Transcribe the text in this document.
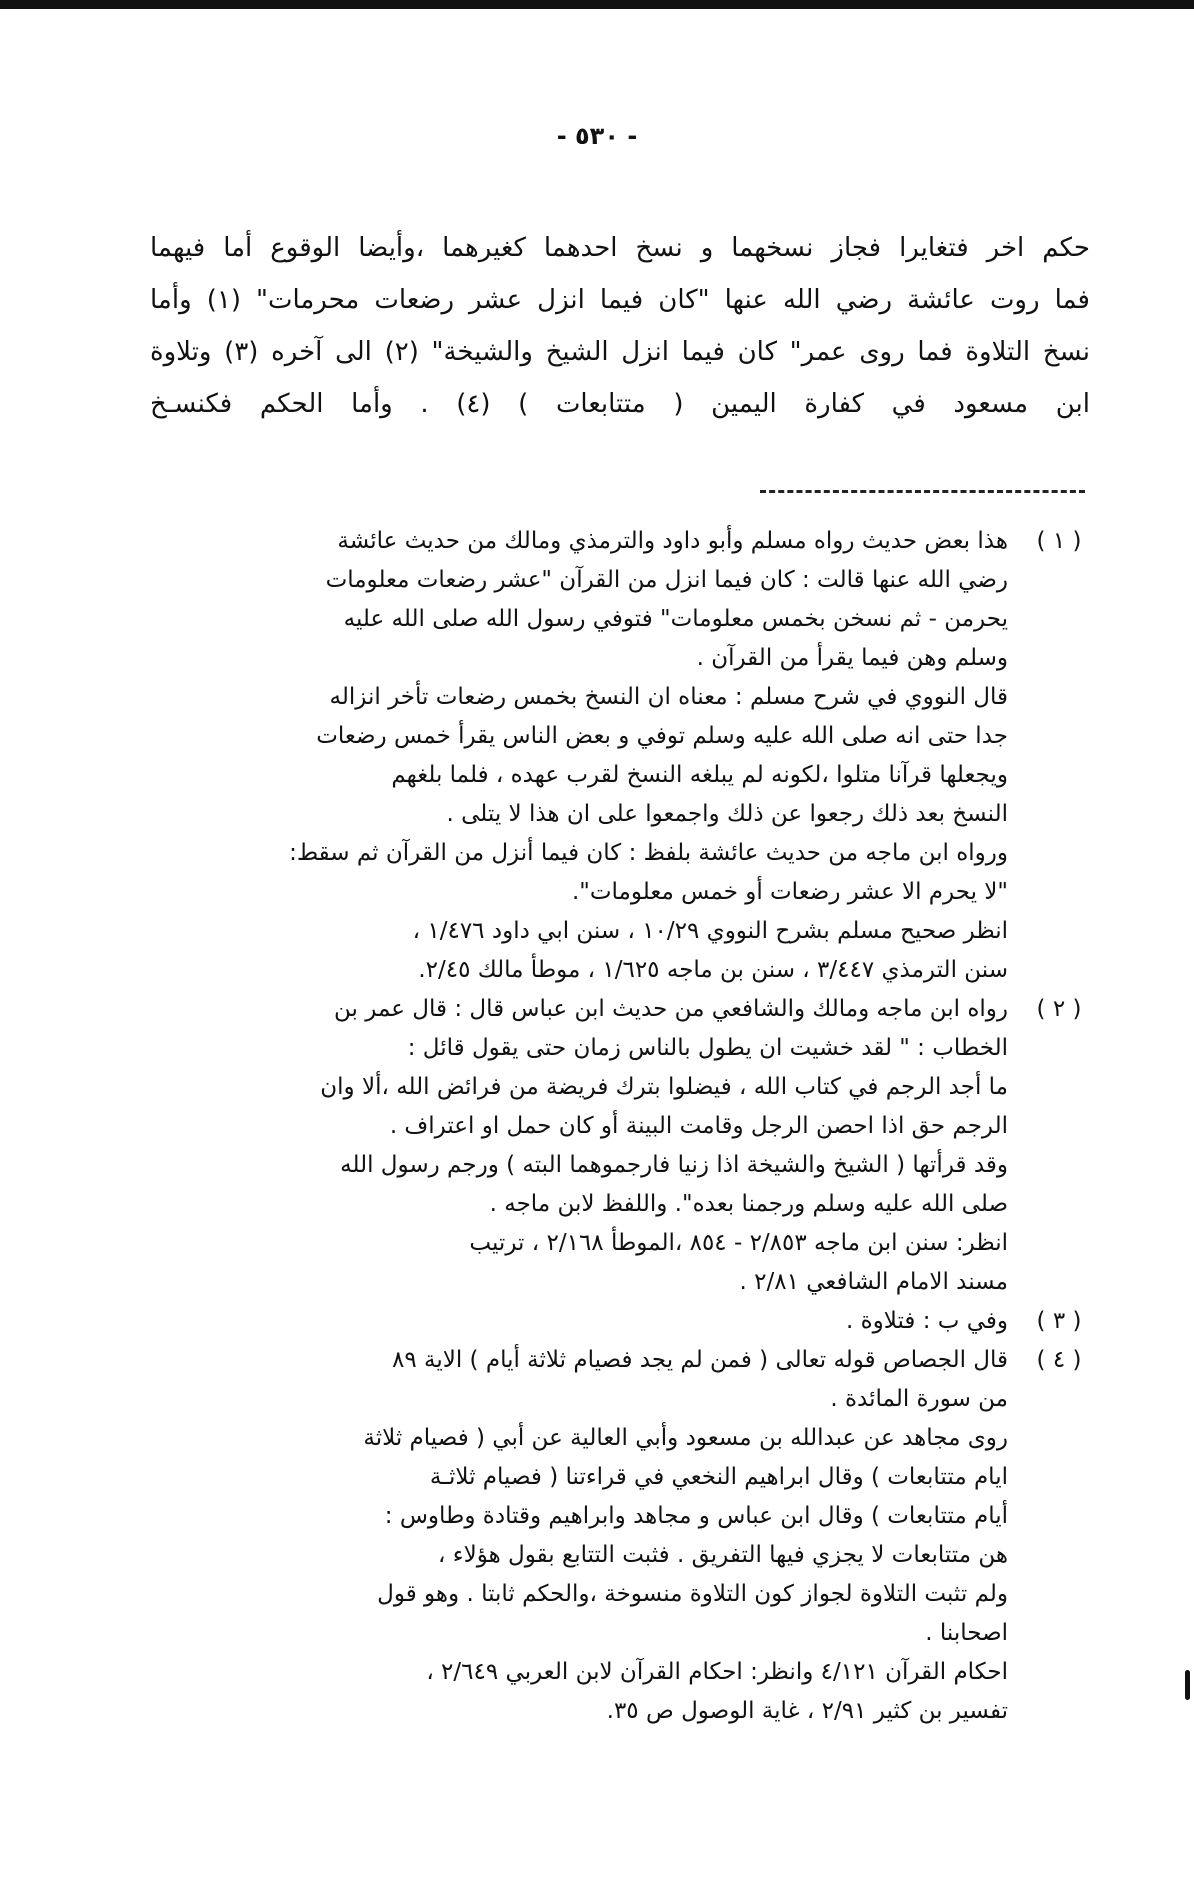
- ٥٣٠ -
حكم اخر فتغايرا فجاز نسخهما و نسخ احدهما كغيرهما ،وأيضا الوقوع أما فيهما
فما روت عائشة رضي الله عنها "كان فيما انزل عشر رضعات محرمات" (١) وأما
نسخ التلاوة فما روى عمر" كان فيما انزل الشيخ والشيخة" (٢) الى آخره (٣) وتلاوة
ابن مسعود في كفارة اليمين ( متتابعات ) (٤) . وأما الحكم فكنسـخ
( ١ )
هذا بعض حديث رواه مسلم وأبو داود والترمذي ومالك من حديث عائشة
رضي الله عنها قالت : كان فيما انزل من القرآن "عشر رضعات معلومات
يحرمن - ثم نسخن بخمس معلومات" فتوفي رسول الله صلى الله عليه
وسلم وهن فيما يقرأ من القرآن .
قال النووي في شرح مسلم : معناه ان النسخ بخمس رضعات تأخر انزاله
جدا حتى انه صلى الله عليه وسلم توفي و بعض الناس يقرأ خمس رضعات
ويجعلها قرآنا متلوا ،لكونه لم يبلغه النسخ لقرب عهده ، فلما بلغهم
النسخ بعد ذلك رجعوا عن ذلك واجمعوا على ان هذا لا يتلى .
ورواه ابن ماجه من حديث عائشة بلفظ : كان فيما أنزل من القرآن ثم سقط:
"لا يحرم الا عشر رضعات أو خمس معلومات".
انظر صحيح مسلم بشرح النووي ١٠/٢٩ ، سنن ابي داود ١/٤٧٦ ،
سنن الترمذي ٣/٤٤٧ ، سنن بن ماجه ١/٦٢٥ ، موطأ مالك ٢/٤٥.
( ٢ )
رواه ابن ماجه ومالك والشافعي من حديث ابن عباس قال : قال عمر بن
الخطاب : " لقد خشيت ان يطول بالناس زمان حتى يقول قائل :
ما أجد الرجم في كتاب الله ، فيضلوا بترك فريضة من فرائض الله ،ألا وان
الرجم حق اذا احصن الرجل وقامت البينة أو كان حمل او اعتراف .
وقد قرأتها ( الشيخ والشيخة اذا زنيا فارجموهما البته ) ورجم رسول الله
صلى الله عليه وسلم ورجمنا بعده". واللفظ لابن ماجه .
انظر: سنن ابن ماجه ٢/٨٥٣ - ٨٥٤ ،الموطأ ٢/١٦٨ ، ترتيب
مسند الامام الشافعي ٢/٨١ .
( ٣ )
وفي ب : فتلاوة .
( ٤ )
قال الجصاص قوله تعالى ( فمن لم يجد فصيام ثلاثة أيام ) الاية ٨٩
من سورة المائدة .
روى مجاهد عن عبدالله بن مسعود وأبي العالية عن أبي ( فصيام ثلاثة
ايام متتابعات ) وقال ابراهيم النخعي في قراءتنا ( فصيام ثلاثـة
أيام متتابعات ) وقال ابن عباس و مجاهد وابراهيم وقتادة وطاوس :
هن متتابعات لا يجزي فيها التفريق . فثبت التتابع بقول هؤلاء ،
ولم تثبت التلاوة لجواز كون التلاوة منسوخة ،والحكم ثابتا . وهو قول
اصحابنا .
احكام القرآن ٤/١٢١ وانظر: احكام القرآن لابن العربي ٢/٦٤٩ ،
تفسير بن كثير ٢/٩١ ، غاية الوصول ص ٣٥.
